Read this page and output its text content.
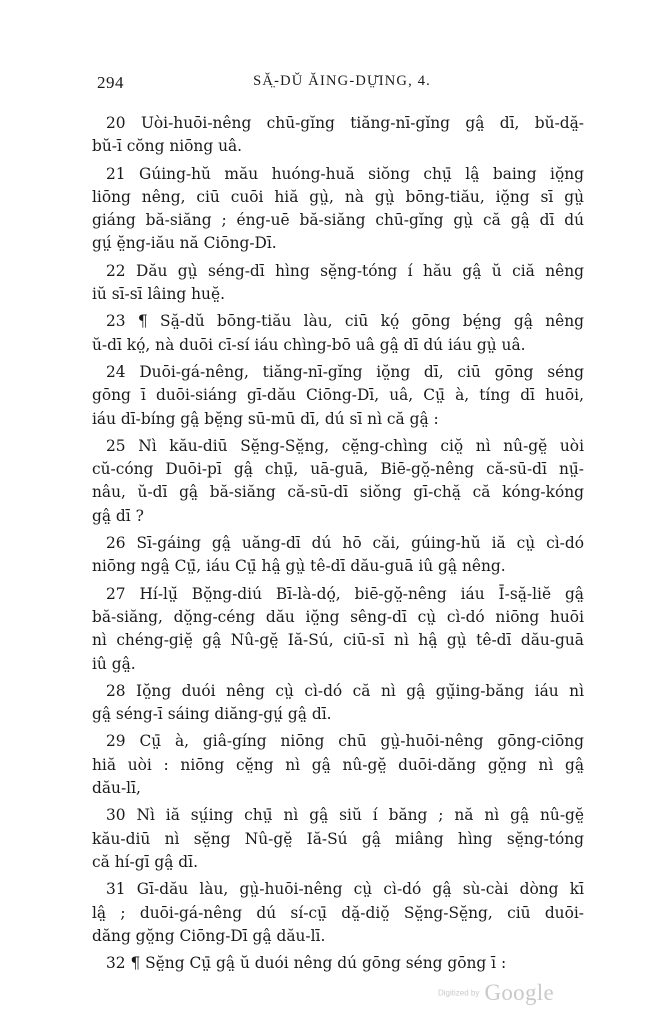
294	SĂ̤-DŬ ĂING-DṲ̆ING, 4.
20 Uòi-huōi-nêng chū-gĭng tiăng-nī-gĭng gâ̤ dī, bŭ-dă̤-
bŭ-ī cŏng niōng uâ.
21 Gúing-hŭ mău huóng-huă siŏng chṳ̄ lâ̤ baing iŏ̤ng
liōng nêng, ciū cuōi hiă gṳ̀, nà gṳ̀ bōng-tiău, iŏ̤ng sī gṳ̀
giáng bă-siăng ; éng-uē bă-siăng chū-gĭng gṳ̀ că gâ̤ dī dú
gṳ́ ĕ̤ng-iău nă Ciōng-Dī.
22 Dău gṳ̀ séng-dī hìng sĕ̤ng-tóng í hău gâ̤ ŭ ciă nêng
iŭ sī-sī lâing huĕ̤.
23 ¶ Să̤-dŭ bōng-tiău làu, ciū kó̤ gōng bé̤ng gâ̤ nêng
ŭ-dī kó̤, nà duōi cī-sí iáu chìng-bō uâ gâ̤ dī dú iáu gṳ̀ uâ.
24 Duōi-gá-nêng, tiăng-nī-gĭng iŏ̤ng dī, ciū gōng séng
gōng ī duōi-siáng gī-dău Ciōng-Dī, uâ, Cṳ̄ à, tíng dī huōi,
iáu dī-bíng gâ̤ bĕ̤ng sū-mū dī, dú sī nì că gâ̤ :
25 Nì kău-diū Sĕ̤ng-Sĕ̤ng, cĕ̤ng-chìng ciŏ̤ nì nû-gĕ̤ uòi
cŭ-cóng Duōi-pī gâ̤ chṳ̄, uā-guā, Biē-gŏ̤-nêng că-sū-dī nṳ̄-
nâu, ŭ-dī gâ̤ bă-siăng că-sū-dī siŏng gī-chă̤ că kóng-kóng
gâ̤ dī ?
26 Sī-gáing gâ̤ uăng-dī dú hō căi, gúing-hŭ iă cṳ̀ cì-dó
niōng ngâ̤ Cṳ̄, iáu Cṳ̄ hâ̤ gṳ̀ tê-dī dău-guā iû gâ̤ nêng.
27 Hí-lṳ̆ Bŏ̤ng-diú Bī-là-dó̤, biē-gŏ̤-nêng iáu Ī-să̤-liĕ gâ̤
bă-siăng, dŏ̤ng-céng dău iŏ̤ng sêng-dī cṳ̀ cì-dó niōng huōi
nì chéng-giĕ̤ gâ̤ Nû-gĕ̤ Iă-Sú, ciū-sī nì hâ̤ gṳ̀ tê-dī dău-guā
iû gâ̤.
28 Iŏ̤ng duói nêng cṳ̀ cì-dó că nì gâ̤ gṳ̆ing-băng iáu nì
gâ̤ séng-ī sáing diăng-gṳ́ gâ̤ dī.
29 Cṳ̄ à, giâ-gíng niōng chū gṳ̀-huōi-nêng gōng-ciōng
hiă uòi : niōng cĕ̤ng nì gâ̤ nû-gĕ̤ duōi-dăng gŏ̤ng nì gâ̤
dău-lī,
30 Nì iă sṳ́ing chṳ̄ nì gâ̤ siŭ í băng ; nă nì gâ̤ nû-gĕ̤
kău-diū nì sĕ̤ng Nû-gĕ̤ Iă-Sú gâ̤ miâng hìng sĕ̤ng-tóng
că hí-gī gâ̤ dī.
31 Gī-dău làu, gṳ̀-huōi-nêng cṳ̀ cì-dó gâ̤ sù-cài dòng kī
lâ̤ ; duōi-gá-nêng dú sí-cṳ̄ dă̤-diŏ̤ Sĕ̤ng-Sĕ̤ng, ciū duōi-
dăng gŏ̤ng Ciōng-Dī gâ̤ dău-lī.
32 ¶ Sĕ̤ng Cṳ̄ gâ̤ ŭ duói nêng dú gōng séng gōng ī :
Digitized by Google
